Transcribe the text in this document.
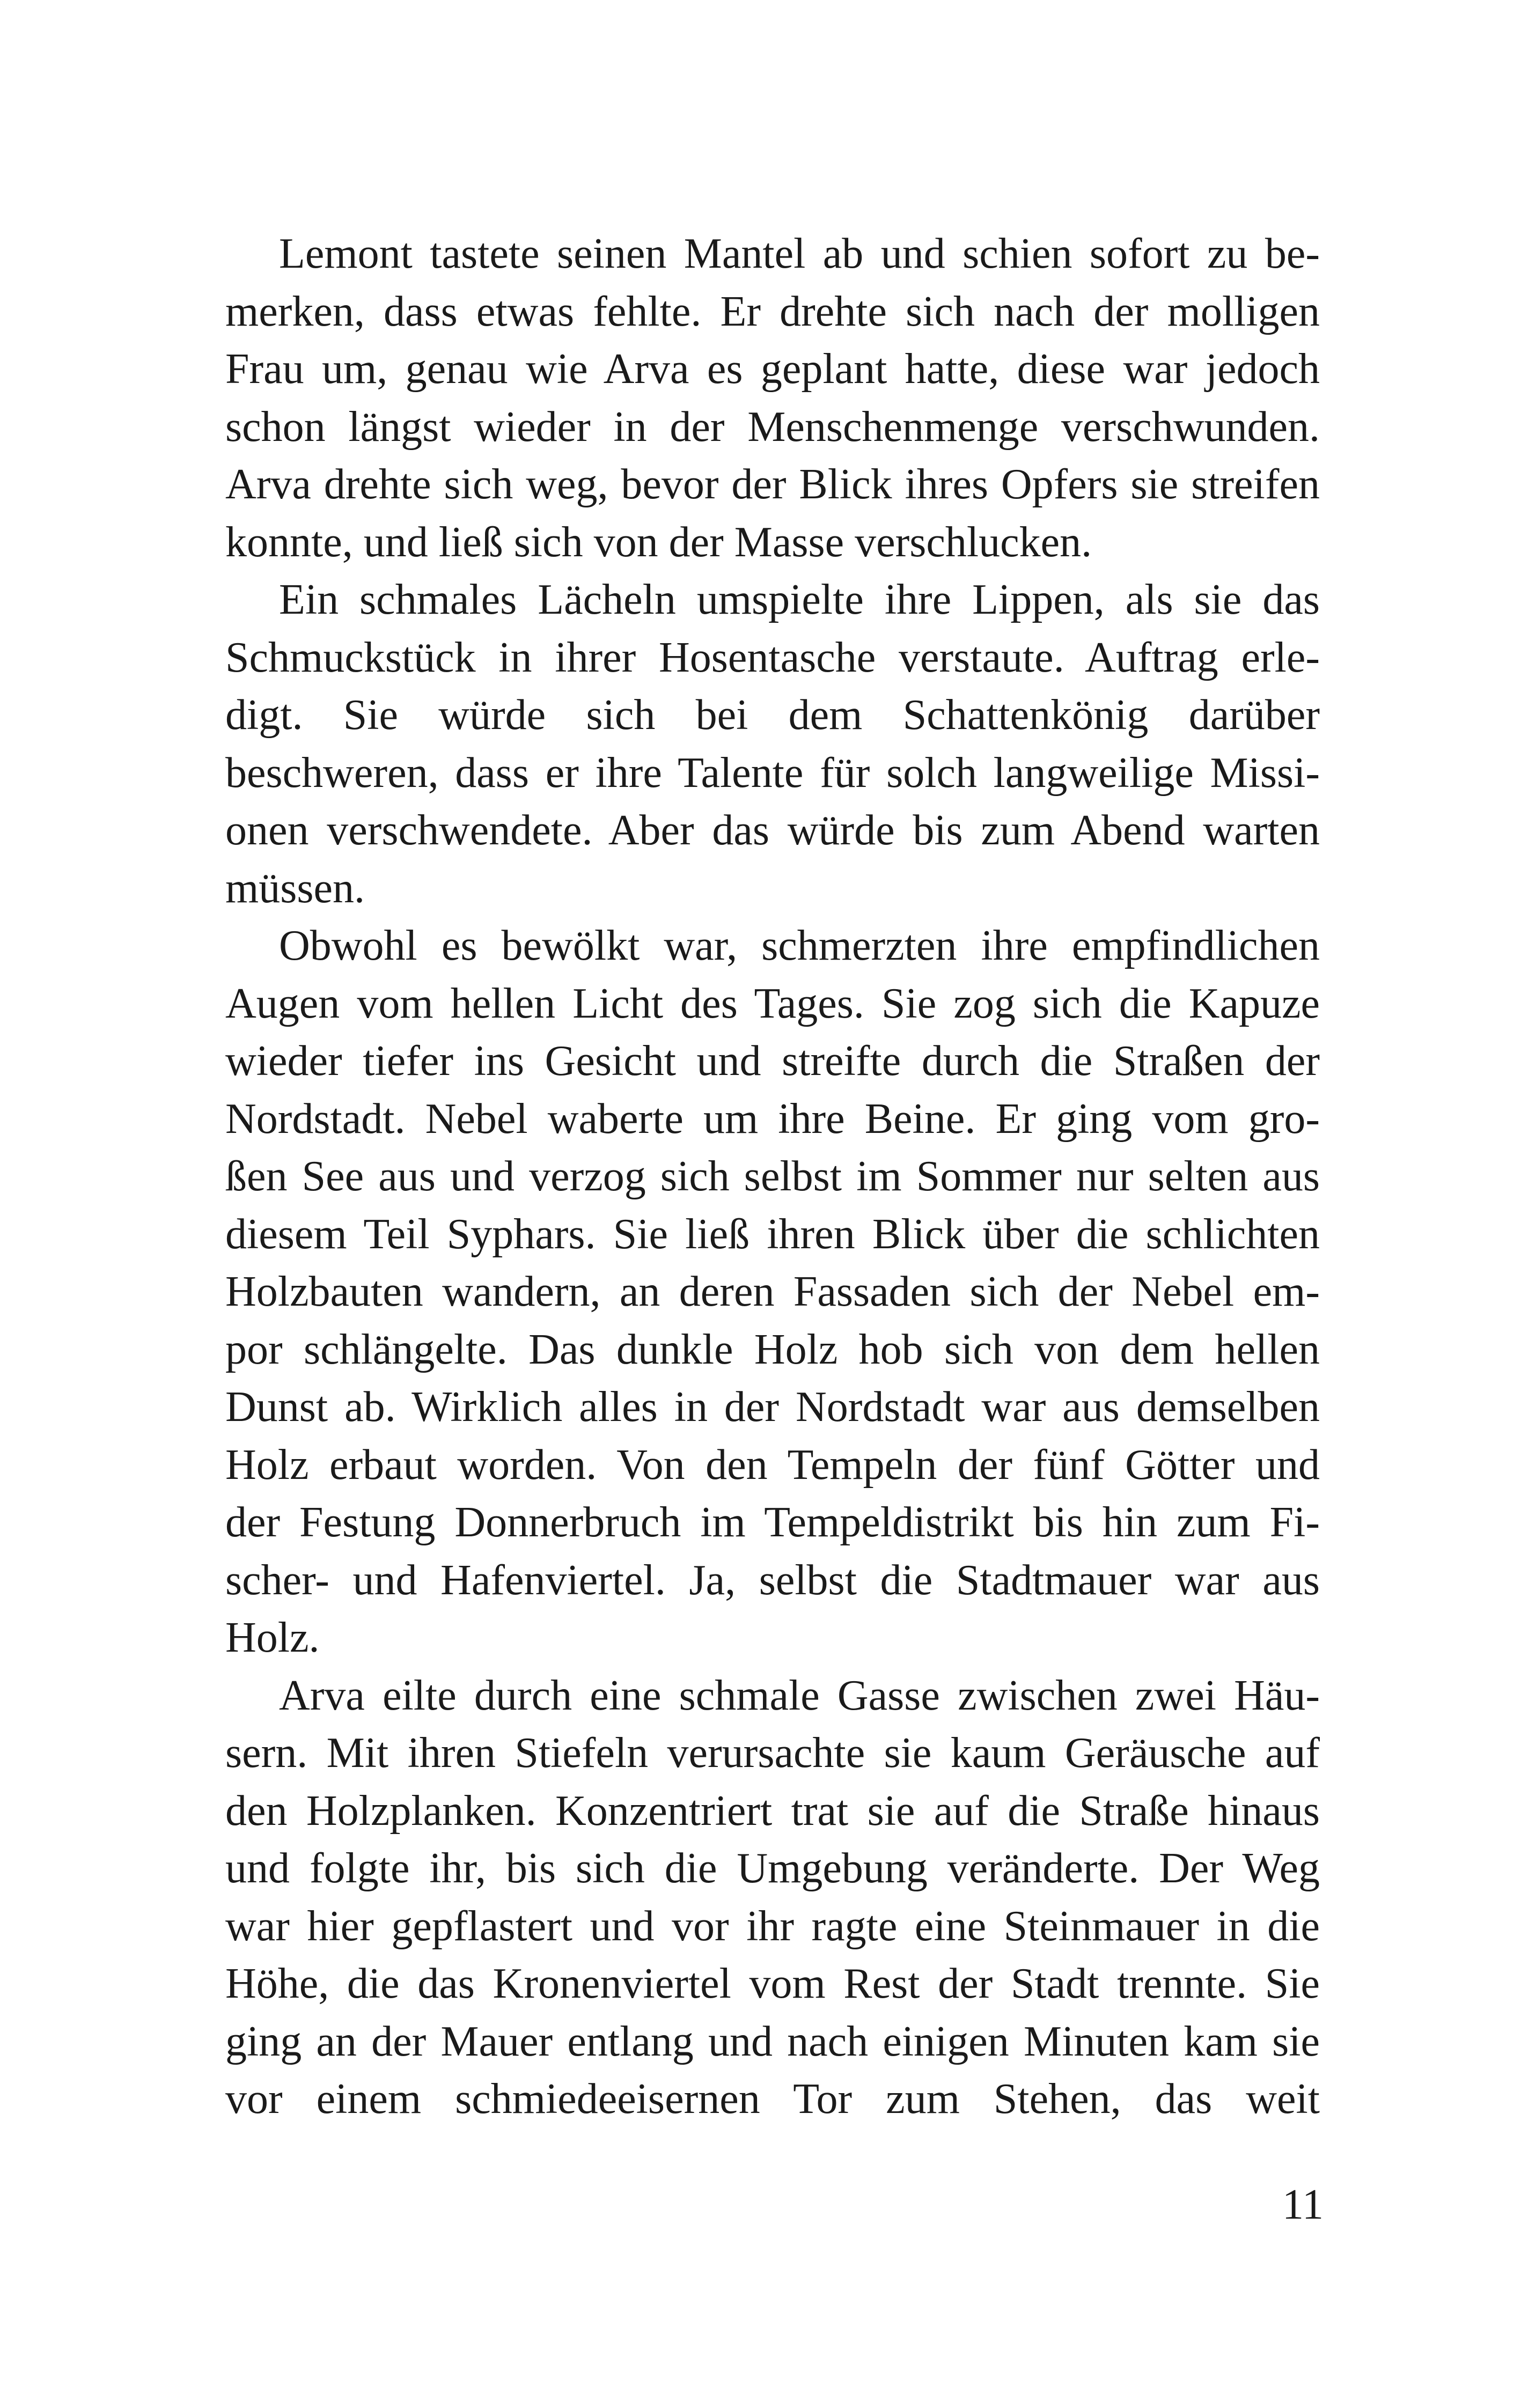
Lemont tastete seinen Mantel ab und schien sofort zu be-
merken, dass etwas fehlte. Er drehte sich nach der molligen
Frau um, genau wie Arva es geplant hatte, diese war jedoch
schon längst wieder in der Menschenmenge verschwunden.
Arva drehte sich weg, bevor der Blick ihres Opfers sie streifen
konnte, und ließ sich von der Masse verschlucken.
Ein schmales Lächeln umspielte ihre Lippen, als sie das
Schmuckstück in ihrer Hosentasche verstaute. Auftrag erle-
digt. Sie würde sich bei dem Schattenkönig darüber
beschweren, dass er ihre Talente für solch langweilige Missi-
onen verschwendete. Aber das würde bis zum Abend warten
müssen.
Obwohl es bewölkt war, schmerzten ihre empfindlichen
Augen vom hellen Licht des Tages. Sie zog sich die Kapuze
wieder tiefer ins Gesicht und streifte durch die Straßen der
Nordstadt. Nebel waberte um ihre Beine. Er ging vom gro-
ßen See aus und verzog sich selbst im Sommer nur selten aus
diesem Teil Syphars. Sie ließ ihren Blick über die schlichten
Holzbauten wandern, an deren Fassaden sich der Nebel em-
por schlängelte. Das dunkle Holz hob sich von dem hellen
Dunst ab. Wirklich alles in der Nordstadt war aus demselben
Holz erbaut worden. Von den Tempeln der fünf Götter und
der Festung Donnerbruch im Tempeldistrikt bis hin zum Fi-
scher- und Hafenviertel. Ja, selbst die Stadtmauer war aus
Holz.
Arva eilte durch eine schmale Gasse zwischen zwei Häu-
sern. Mit ihren Stiefeln verursachte sie kaum Geräusche auf
den Holzplanken. Konzentriert trat sie auf die Straße hinaus
und folgte ihr, bis sich die Umgebung veränderte. Der Weg
war hier gepflastert und vor ihr ragte eine Steinmauer in die
Höhe, die das Kronenviertel vom Rest der Stadt trennte. Sie
ging an der Mauer entlang und nach einigen Minuten kam sie
vor einem schmiedeeisernen Tor zum Stehen, das weit
11
